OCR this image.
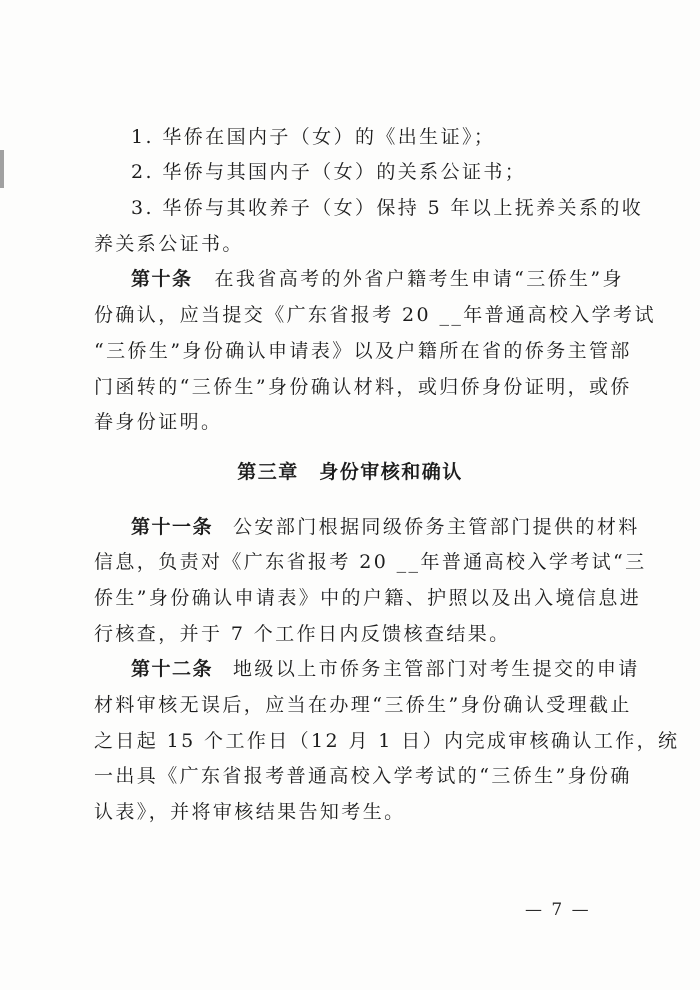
1. 华侨在国内子（女）的《出生证》；
2. 华侨与其国内子（女）的关系公证书；
3. 华侨与其收养子（女）保持 5 年以上抚养关系的收
养关系公证书。
第十条 在我省高考的外省户籍考生申请“三侨生”身
份确认，应当提交《广东省报考 20 __年普通高校入学考试
“三侨生”身份确认申请表》以及户籍所在省的侨务主管部
门函转的“三侨生”身份确认材料，或归侨身份证明，或侨
眷身份证明。
第三章　身份审核和确认
第十一条 公安部门根据同级侨务主管部门提供的材料
信息，负责对《广东省报考 20 __年普通高校入学考试“三
侨生”身份确认申请表》中的户籍、护照以及出入境信息进
行核查，并于 7 个工作日内反馈核查结果。
第十二条 地级以上市侨务主管部门对考生提交的申请
材料审核无误后，应当在办理“三侨生”身份确认受理截止
之日起 15 个工作日（12 月 1 日）内完成审核确认工作，统
一出具《广东省报考普通高校入学考试的“三侨生”身份确
认表》，并将审核结果告知考生。
— 7 —
